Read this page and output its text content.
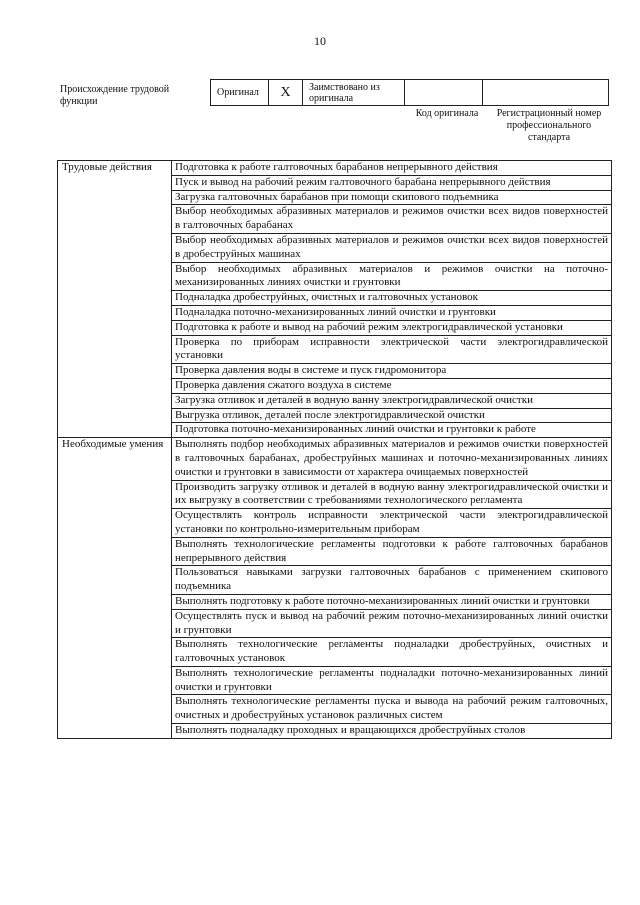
10
Происхождение трудовой функции
Оригинал	X	Заимствовано из оригинала		
Код оригинала	Регистрационный номер профессионального стандарта
Трудовые действия	Подготовка к работе галтовочных барабанов непрерывного действия
	Пуск и вывод на рабочий режим галтовочного барабана непрерывного действия
	Загрузка галтовочных барабанов при помощи скипового подъемника
	Выбор необходимых абразивных материалов и режимов очистки всех видов поверхностей в галтовочных барабанах
	Выбор необходимых абразивных материалов и режимов очистки всех видов поверхностей в дробеструйных машинах
	Выбор необходимых абразивных материалов и режимов очистки на поточно-механизированных линиях очистки и грунтовки
	Подналадка дробеструйных, очистных и галтовочных установок
	Подналадка поточно-механизированных линий очистки и грунтовки
	Подготовка к работе и вывод на рабочий режим электрогидравлической установки
	Проверка по приборам исправности электрической части электрогидравлической установки
	Проверка давления воды в системе и пуск гидромонитора
	Проверка давления сжатого воздуха в системе
	Загрузка отливок и деталей в водную ванну электрогидравлической очистки
	Выгрузка отливок, деталей после электрогидравлической очистки
	Подготовка поточно-механизированных линий очистки и грунтовки к работе
Необходимые умения	Выполнять подбор необходимых абразивных материалов и режимов очистки поверхностей в галтовочных барабанах, дробеструйных машинах и поточно-механизированных линиях очистки и грунтовки в зависимости от характера очищаемых поверхностей
	Производить загрузку отливок и деталей в водную ванну электрогидравлической очистки и их выгрузку в соответствии с требованиями технологического регламента
	Осуществлять контроль исправности электрической части электрогидравлической установки по контрольно-измерительным приборам
	Выполнять технологические регламенты подготовки к работе галтовочных барабанов непрерывного действия
	Пользоваться навыками загрузки галтовочных барабанов с применением скипового подъемника
	Выполнять подготовку к работе поточно-механизированных линий очистки и грунтовки
	Осуществлять пуск и вывод на рабочий режим поточно-механизированных линий очистки и грунтовки
	Выполнять технологические регламенты подналадки дробеструйных, очистных и галтовочных установок
	Выполнять технологические регламенты подналадки поточно-механизированных линий очистки и грунтовки
	Выполнять технологические регламенты пуска и вывода на рабочий режим галтовочных, очистных и дробеструйных установок различных систем
	Выполнять подналадку проходных и вращающихся дробеструйных столов
